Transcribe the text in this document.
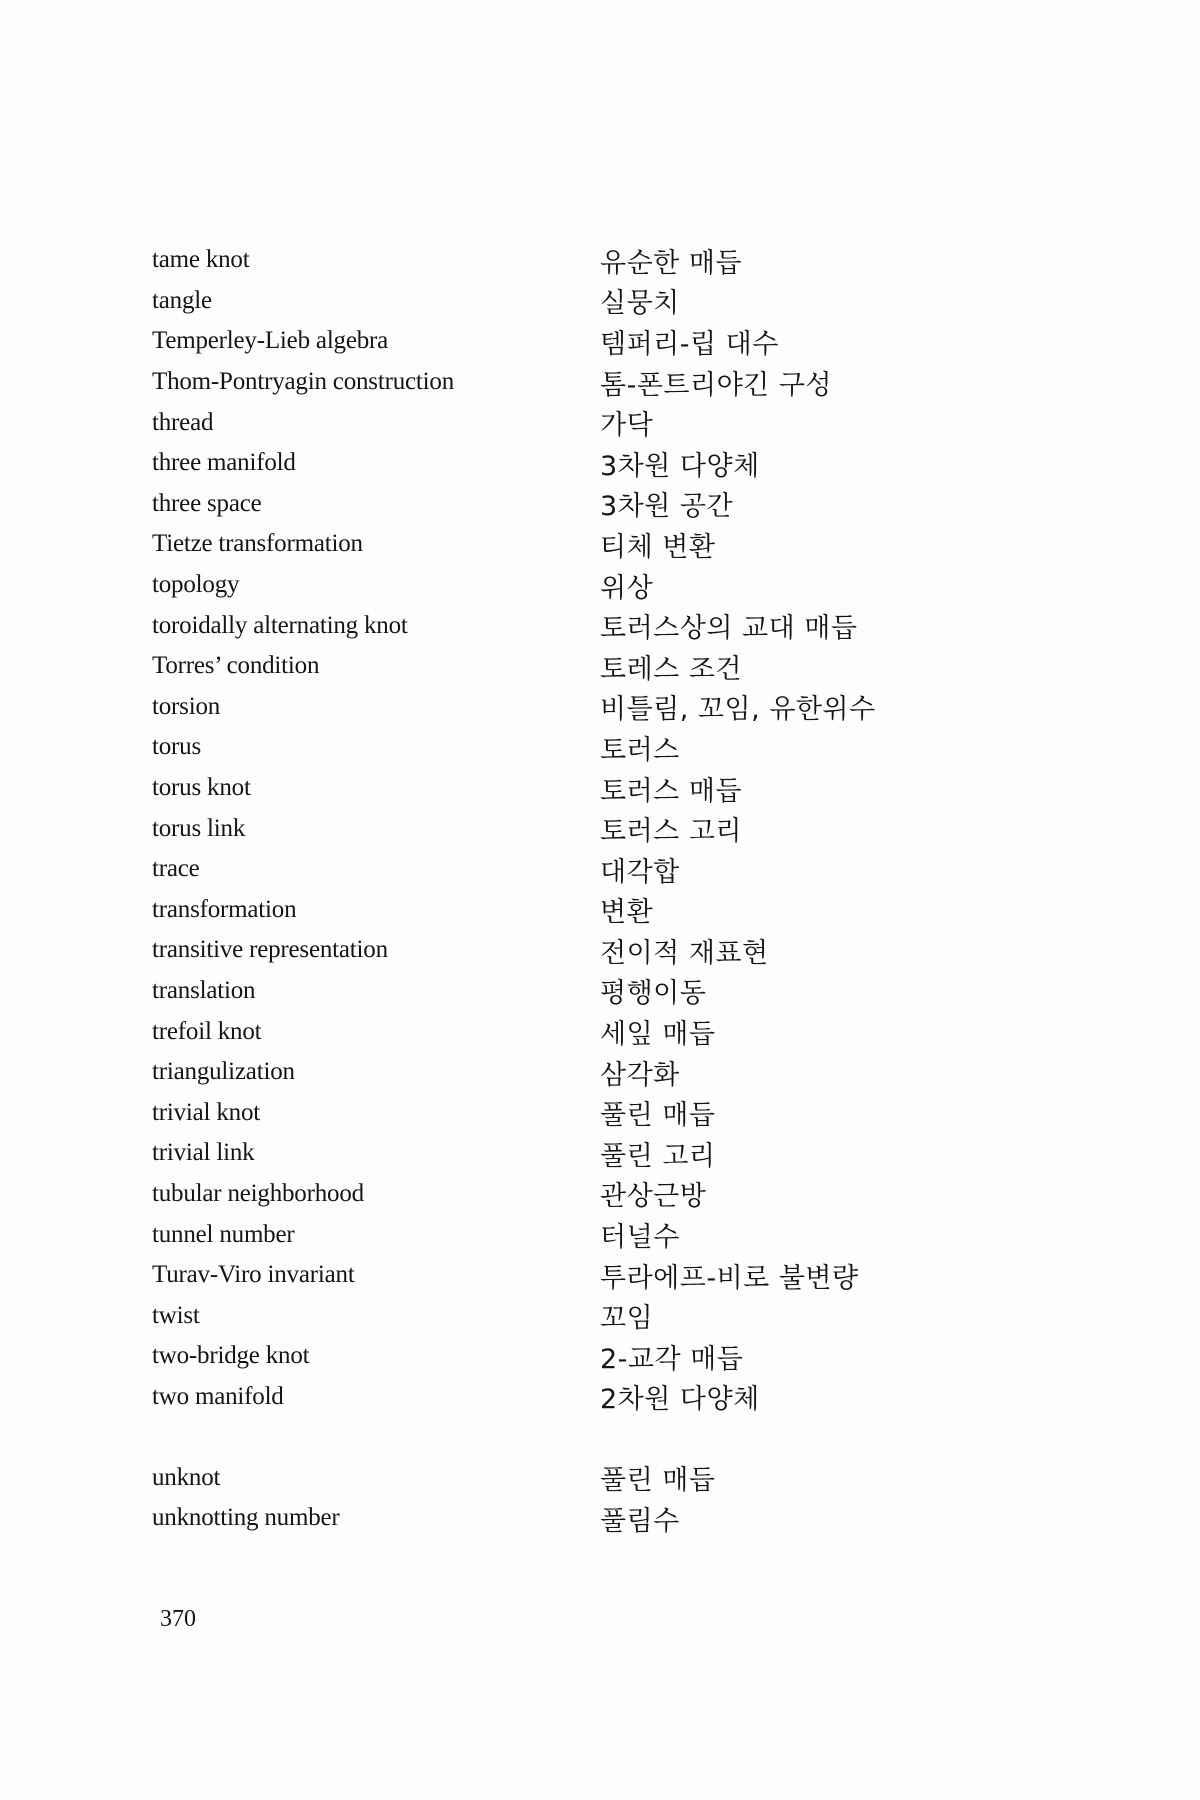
tame knot	유순한 매듭
tangle	실뭉치
Temperley-Lieb algebra	템퍼리-립 대수
Thom-Pontryagin construction	톰-폰트리야긴 구성
thread	가닥
three manifold	3차원 다양체
three space	3차원 공간
Tietze transformation	티체 변환
topology	위상
toroidally alternating knot	토러스상의 교대 매듭
Torres’ condition	토레스 조건
torsion	비틀림, 꼬임, 유한위수
torus	토러스
torus knot	토러스 매듭
torus link	토러스 고리
trace	대각합
transformation	변환
transitive representation	전이적 재표현
translation	평행이동
trefoil knot	세잎 매듭
triangulization	삼각화
trivial knot	풀린 매듭
trivial link	풀린 고리
tubular neighborhood	관상근방
tunnel number	터널수
Turav-Viro invariant	투라에프-비로 불변량
twist	꼬임
two-bridge knot	2-교각 매듭
two manifold	2차원 다양체
unknot	풀린 매듭
unknotting number	풀림수
370
